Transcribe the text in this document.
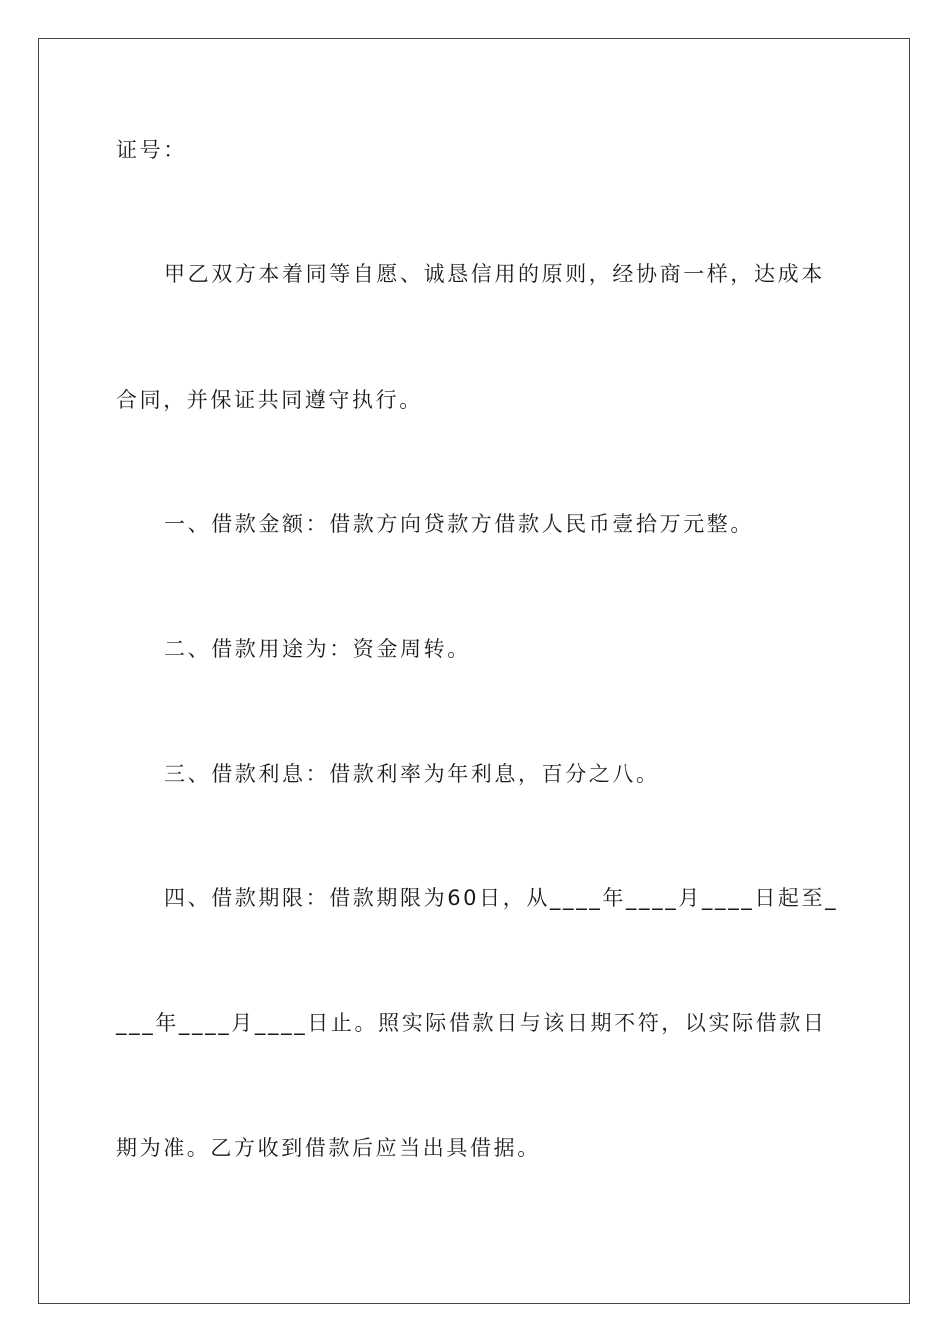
证号：
甲乙双方本着同等自愿、诚恳信用的原则，经协商一样，达成本
合同，并保证共同遵守执行。
一、借款金额：借款方向贷款方借款人民币壹拾万元整。
二、借款用途为：资金周转。
三、借款利息：借款利率为年利息，百分之八。
四、借款期限：借款期限为60日，从____年____月____日起至_
___年____月____日止。照实际借款日与该日期不符，以实际借款日
期为准。乙方收到借款后应当出具借据。
